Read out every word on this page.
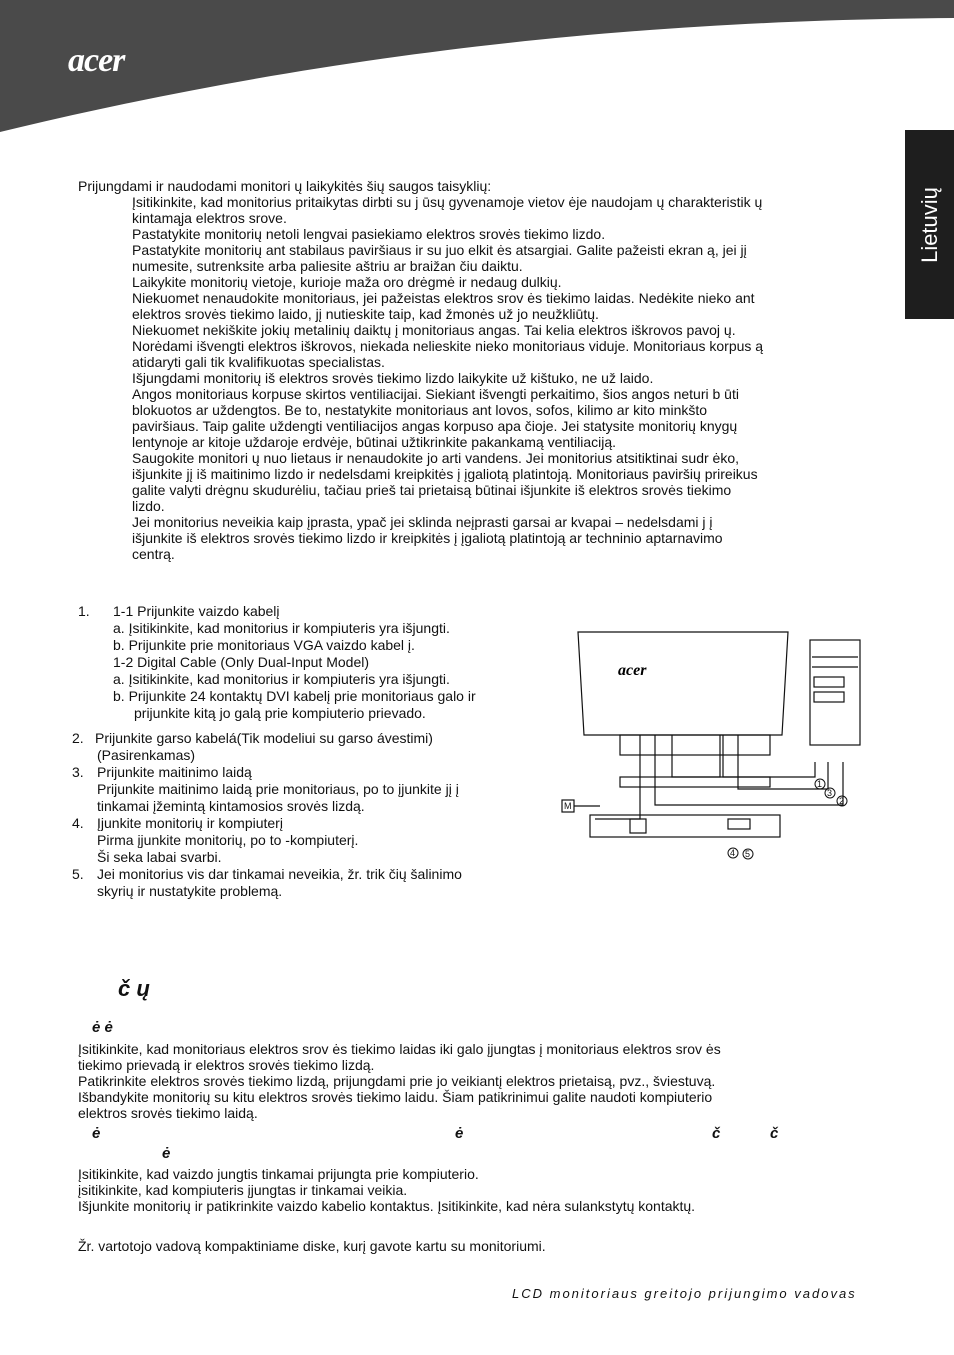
acer
Lietuvių
Prijungdami ir naudodami monitori ų laikykitės šių saugos taisyklių:
Įsitikinkite, kad monitorius pritaikytas dirbti su j ūsų gyvenamoje vietov ėje naudojam ų charakteristik ų
kintamąja elektros srove.
Pastatykite monitorių netoli lengvai pasiekiamo elektros srovės tiekimo lizdo.
Pastatykite monitorių ant stabilaus paviršiaus ir su juo elkit ės atsargiai. Galite pažeisti ekran ą, jei jį
numesite, sutrenksite arba paliesite aštriu ar braižan čiu daiktu.
Laikykite monitorių vietoje, kurioje maža oro drėgmė ir nedaug dulkių.
Niekuomet nenaudokite monitoriaus, jei pažeistas elektros srov ės tiekimo laidas. Nedėkite nieko ant
elektros srovės tiekimo laido, jį nutieskite taip, kad žmonės už jo neužkliūtų.
Niekuomet nekiškite jokių metalinių daiktų į monitoriaus angas. Tai kelia elektros iškrovos pavoj ų.
Norėdami išvengti elektros iškrovos, niekada nelieskite nieko monitoriaus viduje. Monitoriaus korpus ą
atidaryti gali tik kvalifikuotas specialistas.
Išjungdami monitorių iš elektros srovės tiekimo lizdo laikykite už kištuko, ne už laido.
Angos monitoriaus korpuse skirtos ventiliacijai. Siekiant išvengti perkaitimo, šios angos neturi b ūti
blokuotos ar uždengtos. Be to, nestatykite monitoriaus ant lovos, sofos, kilimo ar kito minkšto
paviršiaus. Taip galite uždengti ventiliacijos angas korpuso apa čioje. Jei statysite monitorių knygų
lentynoje ar kitoje uždaroje erdvėje, būtinai užtikrinkite pakankamą ventiliaciją.
Saugokite monitori ų nuo lietaus ir nenaudokite jo arti vandens. Jei monitorius atsitiktinai sudr ėko,
išjunkite jį iš maitinimo lizdo ir nedelsdami kreipkitės į įgaliotą platintoją. Monitoriaus paviršių prireikus
galite valyti drėgnu skudurėliu, tačiau prieš tai prietaisą būtinai išjunkite iš elektros srovės tiekimo
lizdo.
Jei monitorius neveikia kaip įprasta, ypač jei sklinda neįprasti garsai ar kvapai – nedelsdami j į
išjunkite iš elektros srovės tiekimo lizdo ir kreipkitės į įgaliotą platintoją ar techninio aptarnavimo
centrą.
1-1 Prijunkite vaizdo kabelį
1.
a. Įsitikinkite, kad monitorius ir kompiuteris yra išjungti.
b. Prijunkite prie monitoriaus VGA vaizdo kabel į.
1-2 Digital Cable (Only Dual-Input Model)
a. Įsitikinkite, kad monitorius ir kompiuteris yra išjungti.
b. Prijunkite 24 kontaktų DVI kabelį prie monitoriaus galo ir
prijunkite kitą jo galą prie kompiuterio prievado.
Prijunkite garso kabelá(Tik modeliui su garso ávestimi)
2.
(Pasirenkamas)
Prijunkite maitinimo laidą
3.
Prijunkite maitinimo laidą prie monitoriaus, po to įjunkite jį į
tinkamai įžemintą kintamosios srovės lizdą.
Įjunkite monitorių ir kompiuterį
4.
Pirma įjunkite monitorių, po to -kompiuterį.
Ši seka labai svarbi.
Jei monitorius vis dar tinkamai neveikia, žr. trik čių šalinimo
5.
skyrių ir nustatykite problemą.
acer
1
2
3
4 5
M
č ų
ė ė
Įsitikinkite, kad monitoriaus elektros srov ės tiekimo laidas iki galo įjungtas į monitoriaus elektros srov ės
tiekimo prievadą ir elektros srovės tiekimo lizdą.
Patikrinkite elektros srovės tiekimo lizdą, prijungdami prie jo veikiantį elektros prietaisą, pvz., šviestuvą.
Išbandykite monitorių su kitu elektros srovės tiekimo laidu. Šiam patikrinimui galite naudoti kompiuterio
elektros srovės tiekimo laidą.
ė	ė	č	č
ė
Įsitikinkite, kad vaizdo jungtis tinkamai prijungta prie kompiuterio.
įsitikinkite, kad kompiuteris įjungtas ir tinkamai veikia.
Išjunkite monitorių ir patikrinkite vaizdo kabelio kontaktus. Įsitikinkite, kad nėra sulankstytų kontaktų.
Žr. vartotojo vadovą kompaktiniame diske, kurį gavote kartu su monitoriumi.
LCD monitoriaus greitojo prijungimo vadovas
